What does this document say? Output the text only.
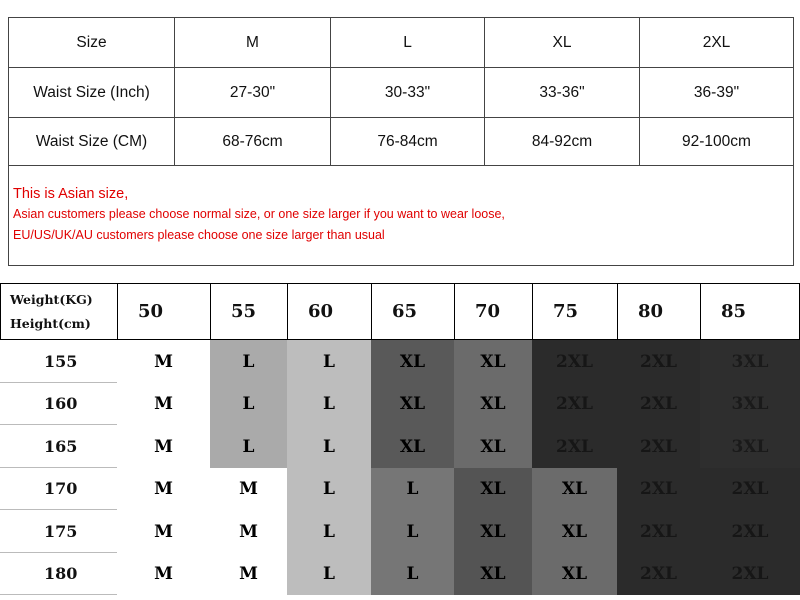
Size	M	L	XL	2XL
Waist Size (Inch)	27-30"	30-33"	33-36"	36-39"
Waist Size (CM)	68-76cm	76-84cm	84-92cm	92-100cm
This is Asian size,
Asian customers please choose normal size, or one size larger if you want to wear loose,
EU/US/UK/AU customers please choose one size larger than usual
Weight(KG)
Height(cm)
50	55	60	65	70	75	80	85
155	M	L	L	XL	XL	2XL	2XL	3XL
160	M	L	L	XL	XL	2XL	2XL	3XL
165	M	L	L	XL	XL	2XL	2XL	3XL
170	M	M	L	L	XL	XL	2XL	2XL
175	M	M	L	L	XL	XL	2XL	2XL
180	M	M	L	L	XL	XL	2XL	2XL
